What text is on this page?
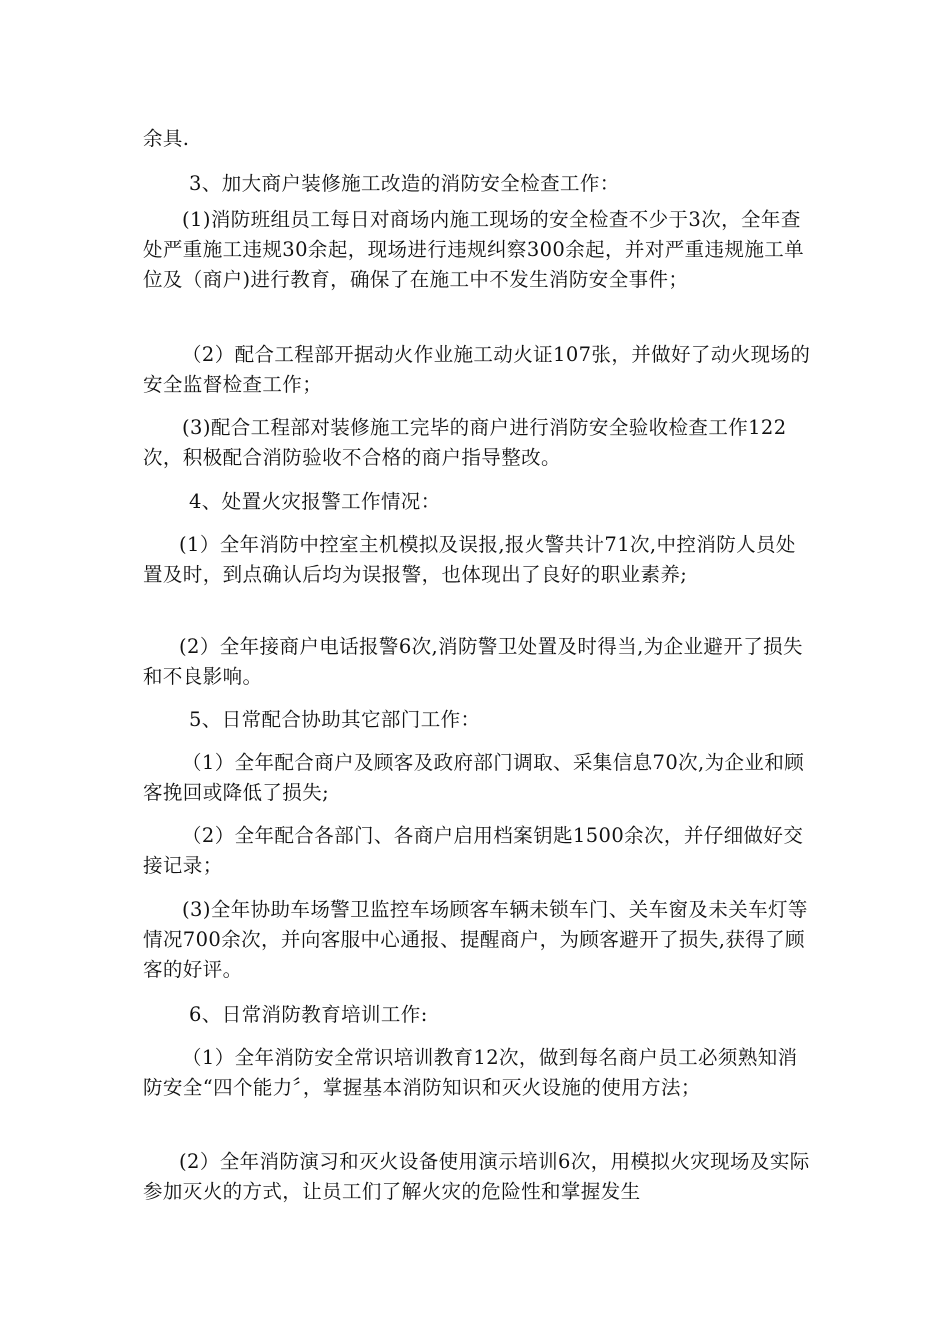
余具.

3、加大商户装修施工改造的消防安全检查工作：

(1)消防班组员工每日对商场内施工现场的安全检查不少于3次，全年查处严重施工违规30余起，现场进行违规纠察300余起，并对严重违规施工单位及（商户)进行教育，确保了在施工中不发生消防安全事件；

（2）配合工程部开据动火作业施工动火证107张，并做好了动火现场的安全监督检查工作；

(3)配合工程部对装修施工完毕的商户进行消防安全验收检查工作122次，积极配合消防验收不合格的商户指导整改。

4、处置火灾报警工作情况：

(1）全年消防中控室主机模拟及误报,报火警共计71次,中控消防人员处置及时，到点确认后均为误报警，也体现出了良好的职业素养;

(2）全年接商户电话报警6次,消防警卫处置及时得当,为企业避开了损失和不良影响。

5、日常配合协助其它部门工作：

（1）全年配合商户及顾客及政府部门调取、采集信息70次,为企业和顾客挽回或降低了损失;

（2）全年配合各部门、各商户启用档案钥匙1500余次，并仔细做好交接记录；

(3)全年协助车场警卫监控车场顾客车辆未锁车门、关车窗及未关车灯等情况700余次，并向客服中心通报、提醒商户，为顾客避开了损失,获得了顾客的好评。

6、日常消防教育培训工作:

（1）全年消防安全常识培训教育12次，做到每名商户员工必须熟知消防安全“四个能力〞，掌握基本消防知识和灭火设施的使用方法；

(2）全年消防演习和灭火设备使用演示培训6次，用模拟火灾现场及实际参加灭火的方式，让员工们了解火灾的危险性和掌握发生
